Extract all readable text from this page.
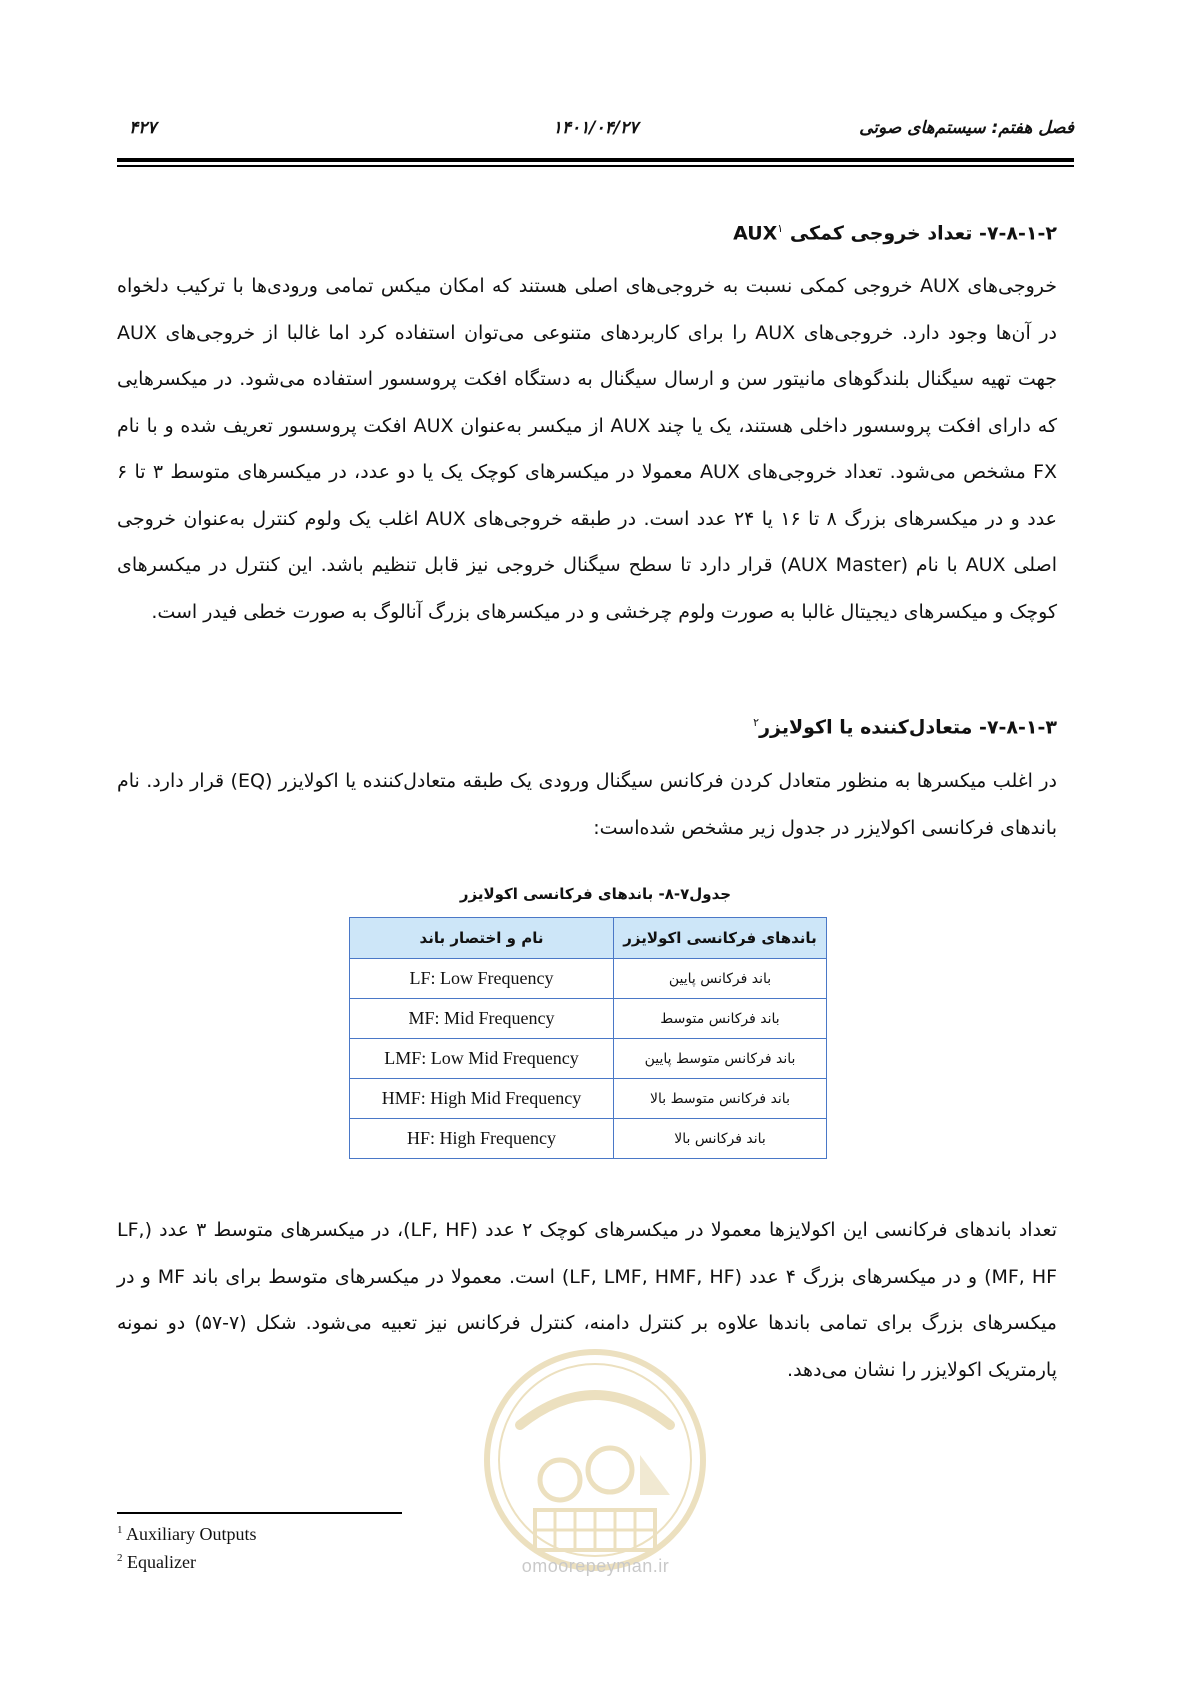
۴۲۷	۱۴۰۱/۰۴/۲۷	فصل هفتم: سیستم‌های صوتی
۷-۸-۱-۲- تعداد خروجی کمکی AUX$^۱$
خروجی‌های AUX خروجی کمکی نسبت به خروجی‌های اصلی هستند که امکان میکس تمامی ورودی‌ها با ترکیب دلخواه در آن‌ها وجود دارد. خروجی‌های AUX را برای کاربردهای متنوعی می‌توان استفاده کرد اما غالبا از خروجی‌های AUX جهت تهیه سیگنال بلندگوهای مانیتور سن و ارسال سیگنال به دستگاه افکت پروسسور استفاده می‌شود. در میکسرهایی که دارای افکت پروسسور داخلی هستند، یک یا چند AUX از میکسر به‌عنوان AUX افکت پروسسور تعریف شده و با نام FX مشخص می‌شود. تعداد خروجی‌های AUX معمولا در میکسرهای کوچک یک یا دو عدد، در میکسرهای متوسط ۳ تا ۶ عدد و در میکسرهای بزرگ ۸ تا ۱۶ یا ۲۴ عدد است. در طبقه خروجی‌های AUX اغلب یک ولوم کنترل به‌عنوان خروجی اصلی AUX با نام (AUX Master) قرار دارد تا سطح سیگنال خروجی نیز قابل تنظیم باشد. این کنترل در میکسرهای کوچک و میکسرهای دیجیتال غالبا به صورت ولوم چرخشی و در میکسرهای بزرگ آنالوگ به صورت خطی فیدر است.
۷-۸-۱-۳- متعادل‌کننده یا اکولایزر$^۲$
در اغلب میکسرها به منظور متعادل کردن فرکانس سیگنال ورودی یک طبقه متعادل‌کننده یا اکولایزر (EQ) قرار دارد. نام باندهای فرکانسی اکولایزر در جدول زیر مشخص شده‌است:
جدول۷-۸- باندهای فرکانسی اکولایزر
باندهای فرکانسی اکولایزر	نام و اختصار باند
باند فرکانس پایین	LF: Low Frequency
باند فرکانس متوسط	MF: Mid Frequency
باند فرکانس متوسط پایین	LMF: Low Mid Frequency
باند فرکانس متوسط بالا	HMF: High Mid Frequency
باند فرکانس بالا	HF: High Frequency
تعداد باندهای فرکانسی این اکولایزها معمولا در میکسرهای کوچک ۲ عدد (LF, HF)، در میکسرهای متوسط ۳ عدد (LF, MF, HF) و در میکسرهای بزرگ ۴ عدد (LF, LMF, HMF, HF) است. معمولا در میکسرهای متوسط برای باند MF و در میکسرهای بزرگ برای تمامی باندها علاوه بر کنترل دامنه، کنترل فرکانس نیز تعبیه می‌شود. شکل (۷-۵۷) دو نمونه پارمتریک اکولایزر را نشان می‌دهد.
omoorepeyman.ir
$^1$ Auxiliary Outputs
$^2$ Equalizer
